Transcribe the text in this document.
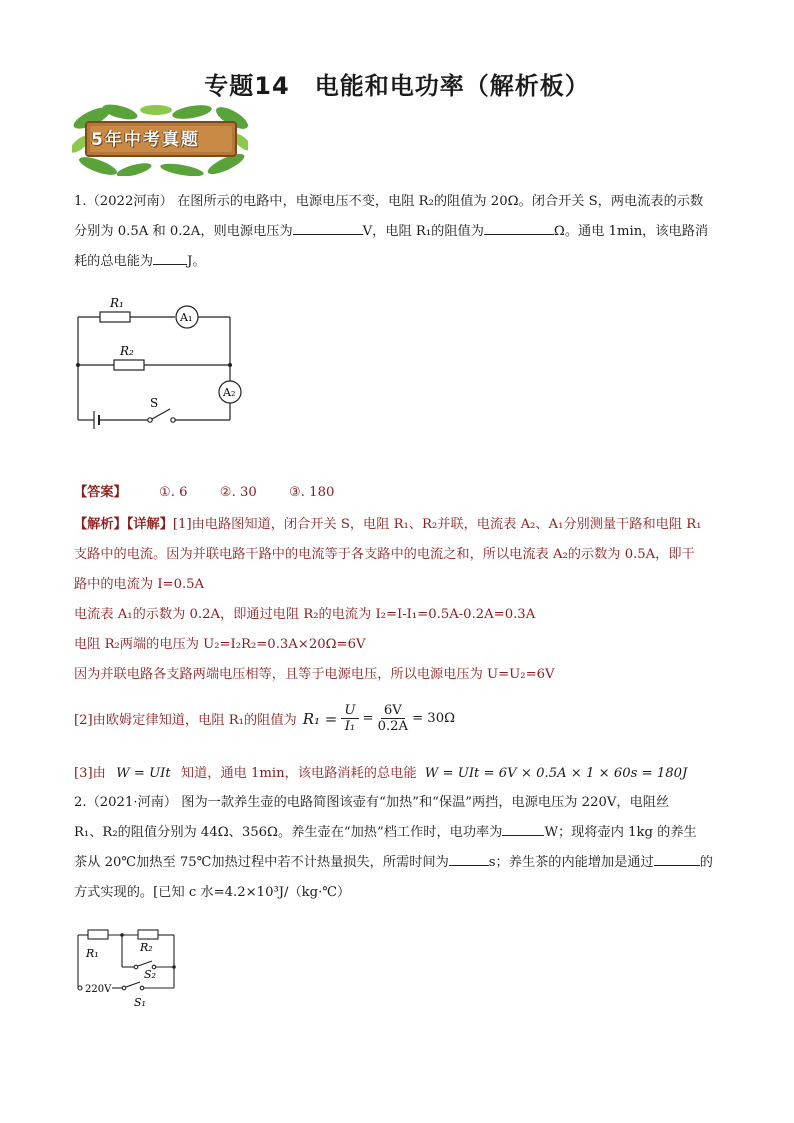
专题14　电能和电功率（解析板）
5年中考真题
1.（2022河南） 在图所示的电路中，电源电压不变，电阻 R₂的阻值为 20Ω。闭合开关 S，两电流表的示数
分别为 0.5A 和 0.2A，则电源电压为	V，电阻 R₁的阻值为	Ω。通电 1min，该电路消
耗的总电能为	J。
R₁
R₂
A₁
A₂
S
【答案】 ①. 6 ②. 30 ③. 180
【解析】【详解】[1]由电路图知道，闭合开关 S，电阻 R₁、R₂并联，电流表 A₂、A₁分别测量干路和电阻 R₁
支路中的电流。因为并联电路干路中的电流等于各支路中的电流之和，所以电流表 A₂的示数为 0.5A，即干
路中的电流为 I=0.5A
电流表 A₁的示数为 0.2A，即通过电阻 R₂的电流为 I₂=I-I₁=0.5A-0.2A=0.3A
电阻 R₂两端的电压为 U₂=I₂R₂=0.3A×20Ω=6V
因为并联电路各支路两端电压相等，且等于电源电压，所以电源电压为 U=U₂=6V
[2]由欧姆定律知道，电阻 R₁的阻值为 $R_1 = \frac{U}{\text{I₁}} = \frac{6V}{0.2A} = 30\Omega$
[3]由 W = UIt 知道，通电 1min，该电路消耗的总电能 W = UIt = 6V × 0.5A × 1 × 60s = 180J
2.（2021·河南） 图为一款养生壶的电路简图该壶有“加热”和“保温”两挡，电源电压为 220V，电阻丝
R₁、R₂的阻值分别为 44Ω、356Ω。养生壶在“加热”档工作时，电功率为	W；现将壶内 1kg 的养生
茶从 20℃加热至 75℃加热过程中若不计热量损失，所需时间为	s；养生茶的内能增加是通过	的
方式实现的。[已知 c 水=4.2×10³J/（kg·℃）
R₁	R₂
S₂
S₁
220V
